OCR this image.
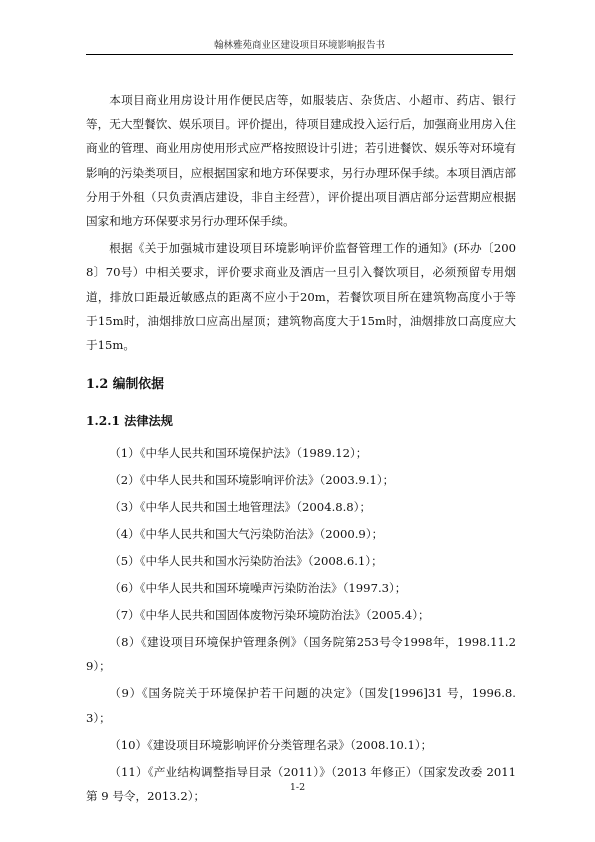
翰林雅苑商业区建设项目环境影响报告书

本项目商业用房设计用作便民店等，如服装店、杂货店、小超市、药店、银行等，无大型餐饮、娱乐项目。评价提出，待项目建成投入运行后，加强商业用房入住商业的管理、商业用房使用形式应严格按照设计引进；若引进餐饮、娱乐等对环境有影响的污染类项目，应根据国家和地方环保要求，另行办理环保手续。本项目酒店部分用于外租（只负责酒店建设，非自主经营），评价提出项目酒店部分运营期应根据国家和地方环保要求另行办理环保手续。

根据《关于加强城市建设项目环境影响评价监督管理工作的通知》(环办〔2008〕70号）中相关要求，评价要求商业及酒店一旦引入餐饮项目，必须预留专用烟道，排放口距最近敏感点的距离不应小于20m，若餐饮项目所在建筑物高度小于等于15m时，油烟排放口应高出屋顶；建筑物高度大于15m时，油烟排放口高度应大于15m。

1.2 编制依据
1.2.1 法律法规
（1）《中华人民共和国环境保护法》（1989.12）；
（2）《中华人民共和国环境影响评价法》（2003.9.1）；
（3）《中华人民共和国土地管理法》（2004.8.8）；
（4）《中华人民共和国大气污染防治法》（2000.9）；
（5）《中华人民共和国水污染防治法》（2008.6.1）；
（6）《中华人民共和国环境噪声污染防治法》（1997.3）；
（7）《中华人民共和国固体废物污染环境防治法》（2005.4）；
（8）《建设项目环境保护管理条例》（国务院第253号令1998年，1998.11.29）；
（9）《国务院关于环境保护若干问题的决定》（国发[1996]31 号，1996.8.3）；
（10）《建设项目环境影响评价分类管理名录》（2008.10.1）；
（11）《产业结构调整指导目录（2011）》（2013 年修正）（国家发改委 2011 第 9 号令，2013.2）；
1-2
